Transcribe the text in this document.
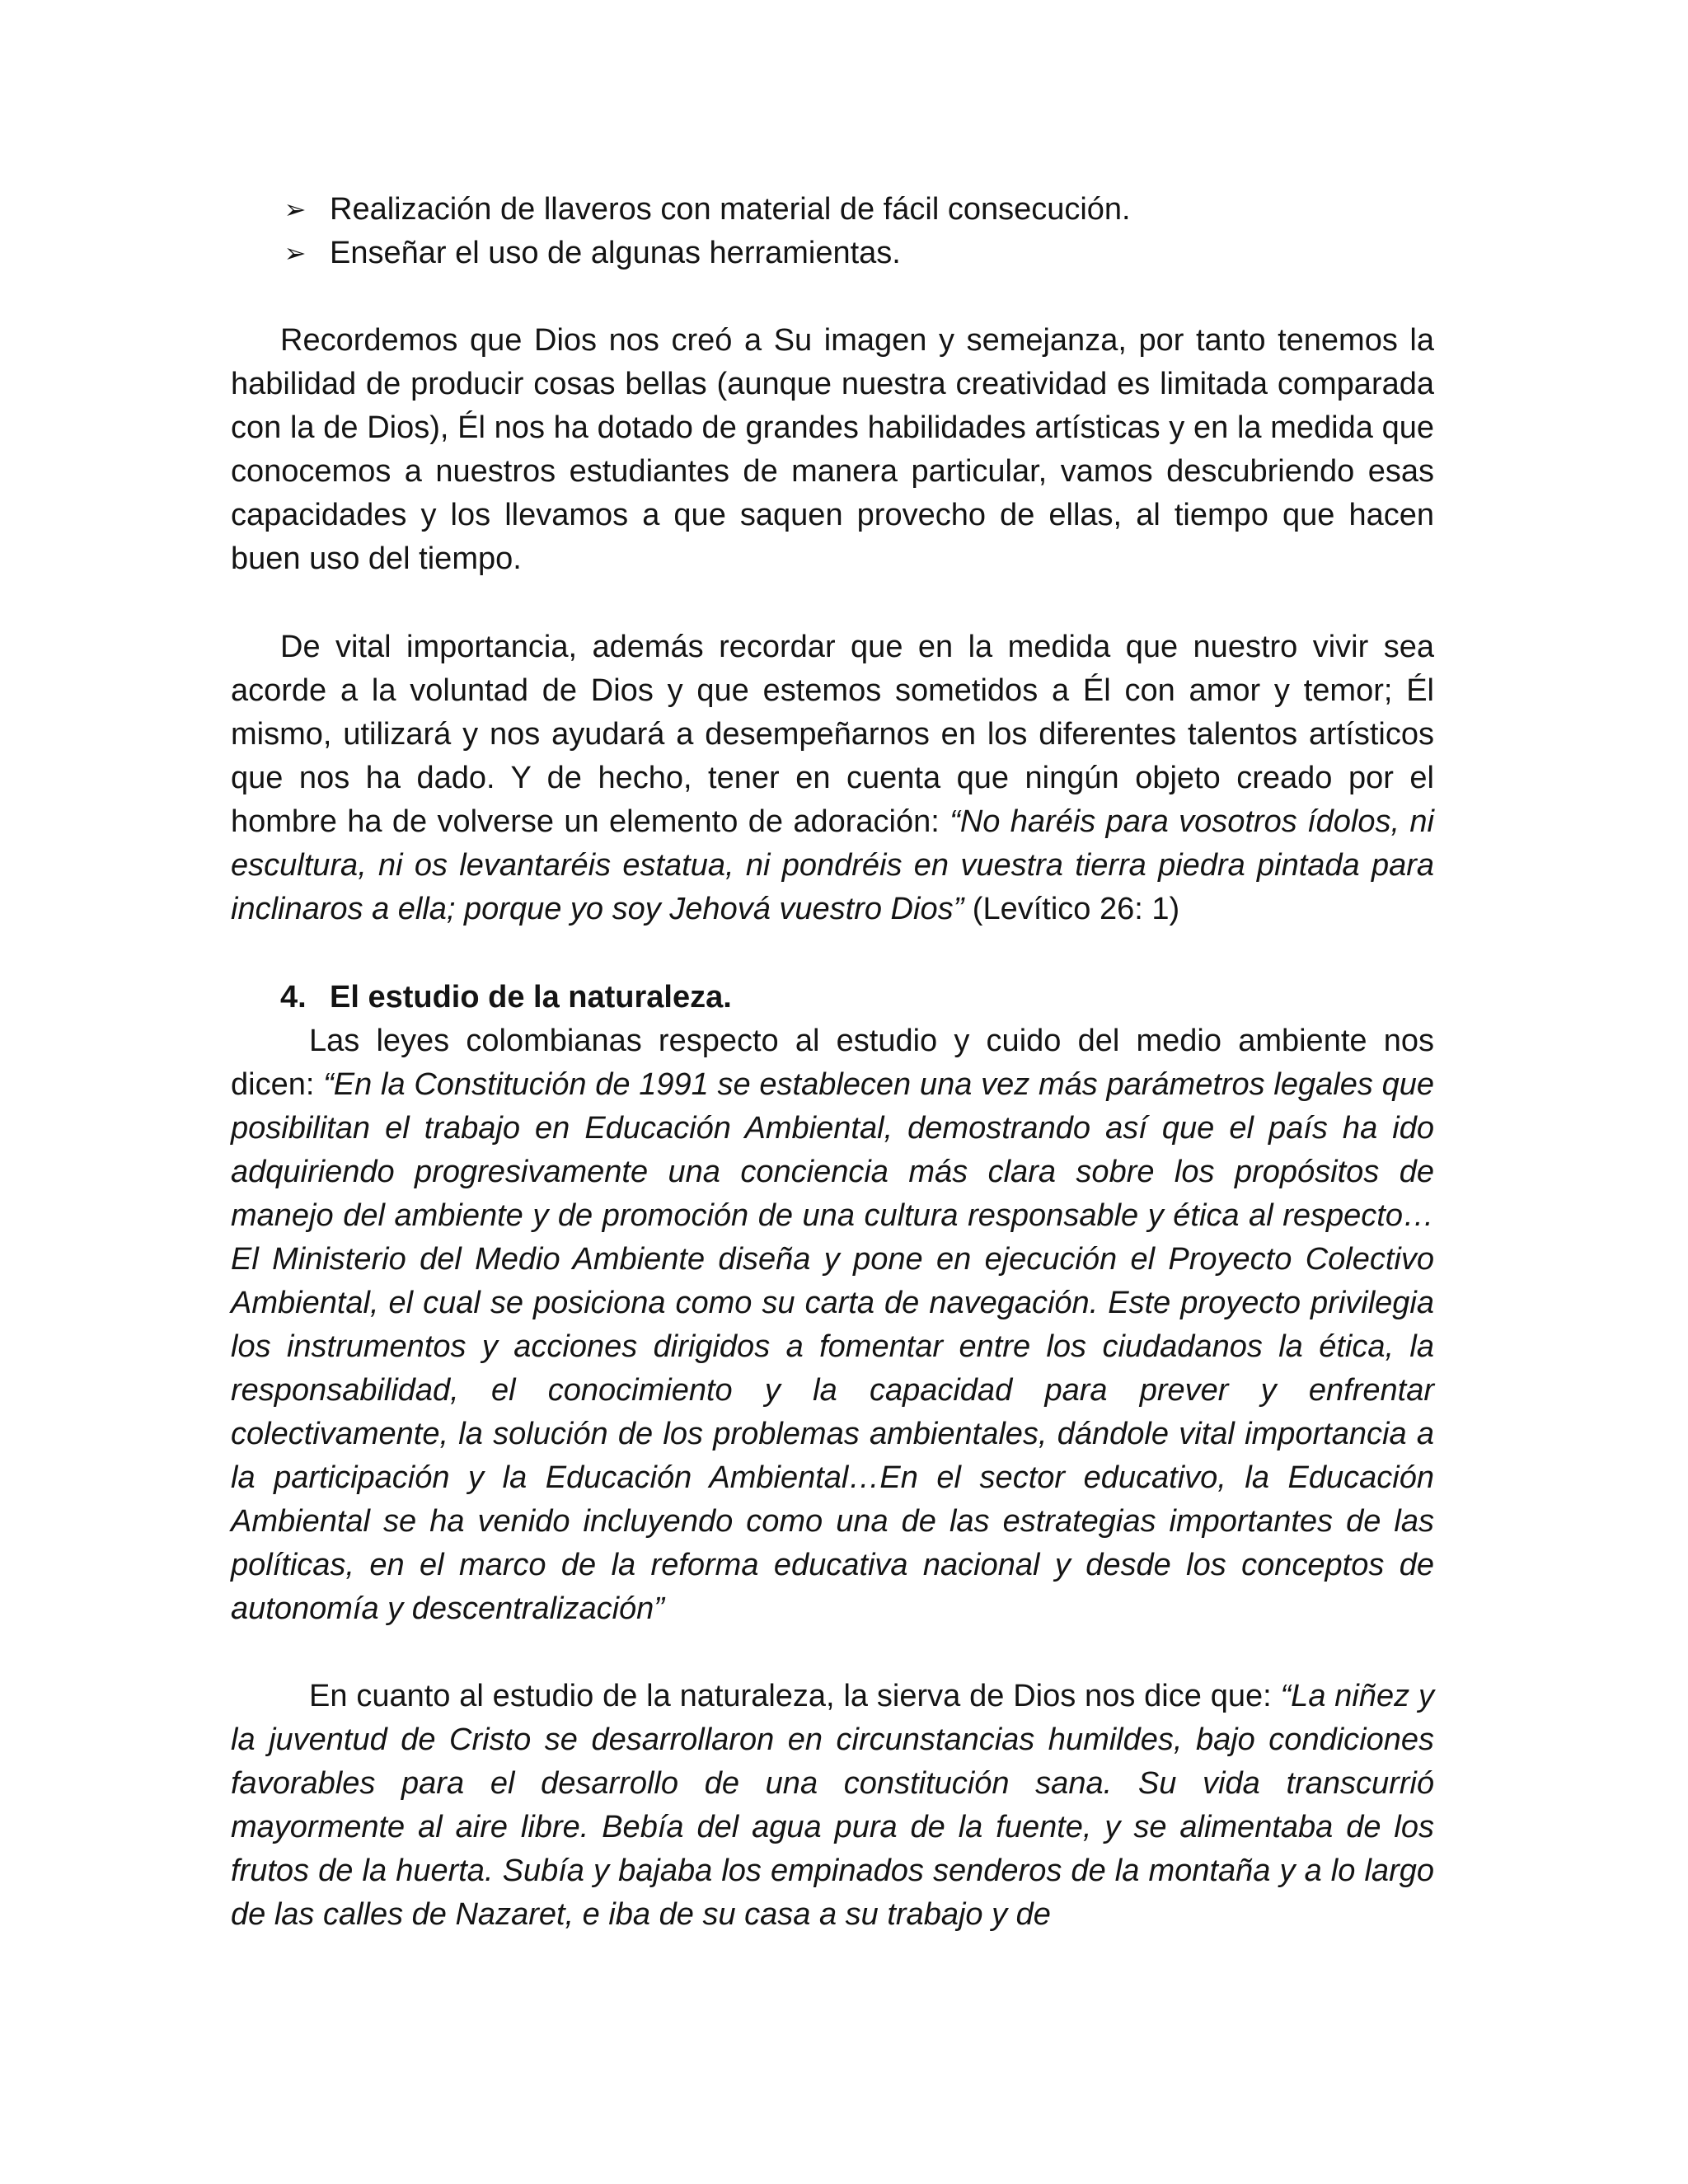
➢ Realización de llaveros con material de fácil consecución.
➢ Enseñar el uso de algunas herramientas.

Recordemos que Dios nos creó a Su imagen y semejanza, por tanto tenemos la habilidad de producir cosas bellas (aunque nuestra creatividad es limitada comparada con la de Dios), Él nos ha dotado de grandes habilidades artísticas y en la medida que conocemos a nuestros estudiantes de manera particular, vamos descubriendo esas capacidades y los llevamos a que saquen provecho de ellas, al tiempo que hacen buen uso del tiempo.

De vital importancia, además recordar que en la medida que nuestro vivir sea acorde a la voluntad de Dios y que estemos sometidos a Él con amor y temor; Él mismo, utilizará y nos ayudará a desempeñarnos en los diferentes talentos artísticos que nos ha dado. Y de hecho, tener en cuenta que ningún objeto creado por el hombre ha de volverse un elemento de adoración: “No haréis para vosotros ídolos, ni escultura, ni os levantaréis estatua, ni pondréis en vuestra tierra piedra pintada para inclinaros a ella; porque yo soy Jehová vuestro Dios” (Levítico 26: 1)

4. El estudio de la naturaleza.

Las leyes colombianas respecto al estudio y cuido del medio ambiente nos dicen: “En la Constitución de 1991 se establecen una vez más parámetros legales que posibilitan el trabajo en Educación Ambiental, demostrando así que el país ha ido adquiriendo progresivamente una conciencia más clara sobre los propósitos de manejo del ambiente y de promoción de una cultura responsable y ética al respecto…El Ministerio del Medio Ambiente diseña y pone en ejecución el Proyecto Colectivo Ambiental, el cual se posiciona como su carta de navegación. Este proyecto privilegia los instrumentos y acciones dirigidos a fomentar entre los ciudadanos la ética, la responsabilidad, el conocimiento y la capacidad para prever y enfrentar colectivamente, la solución de los problemas ambientales, dándole vital importancia a la participación y la Educación Ambiental…En el sector educativo, la Educación Ambiental se ha venido incluyendo como una de las estrategias importantes de las políticas, en el marco de la reforma educativa nacional y desde los conceptos de autonomía y descentralización”

En cuanto al estudio de la naturaleza, la sierva de Dios nos dice que: “La niñez y la juventud de Cristo se desarrollaron en circunstancias humildes, bajo condiciones favorables para el desarrollo de una constitución sana. Su vida transcurrió mayormente al aire libre. Bebía del agua pura de la fuente, y se alimentaba de los frutos de la huerta. Subía y bajaba los empinados senderos de la montaña y a lo largo de las calles de Nazaret, e iba de su casa a su trabajo y de
